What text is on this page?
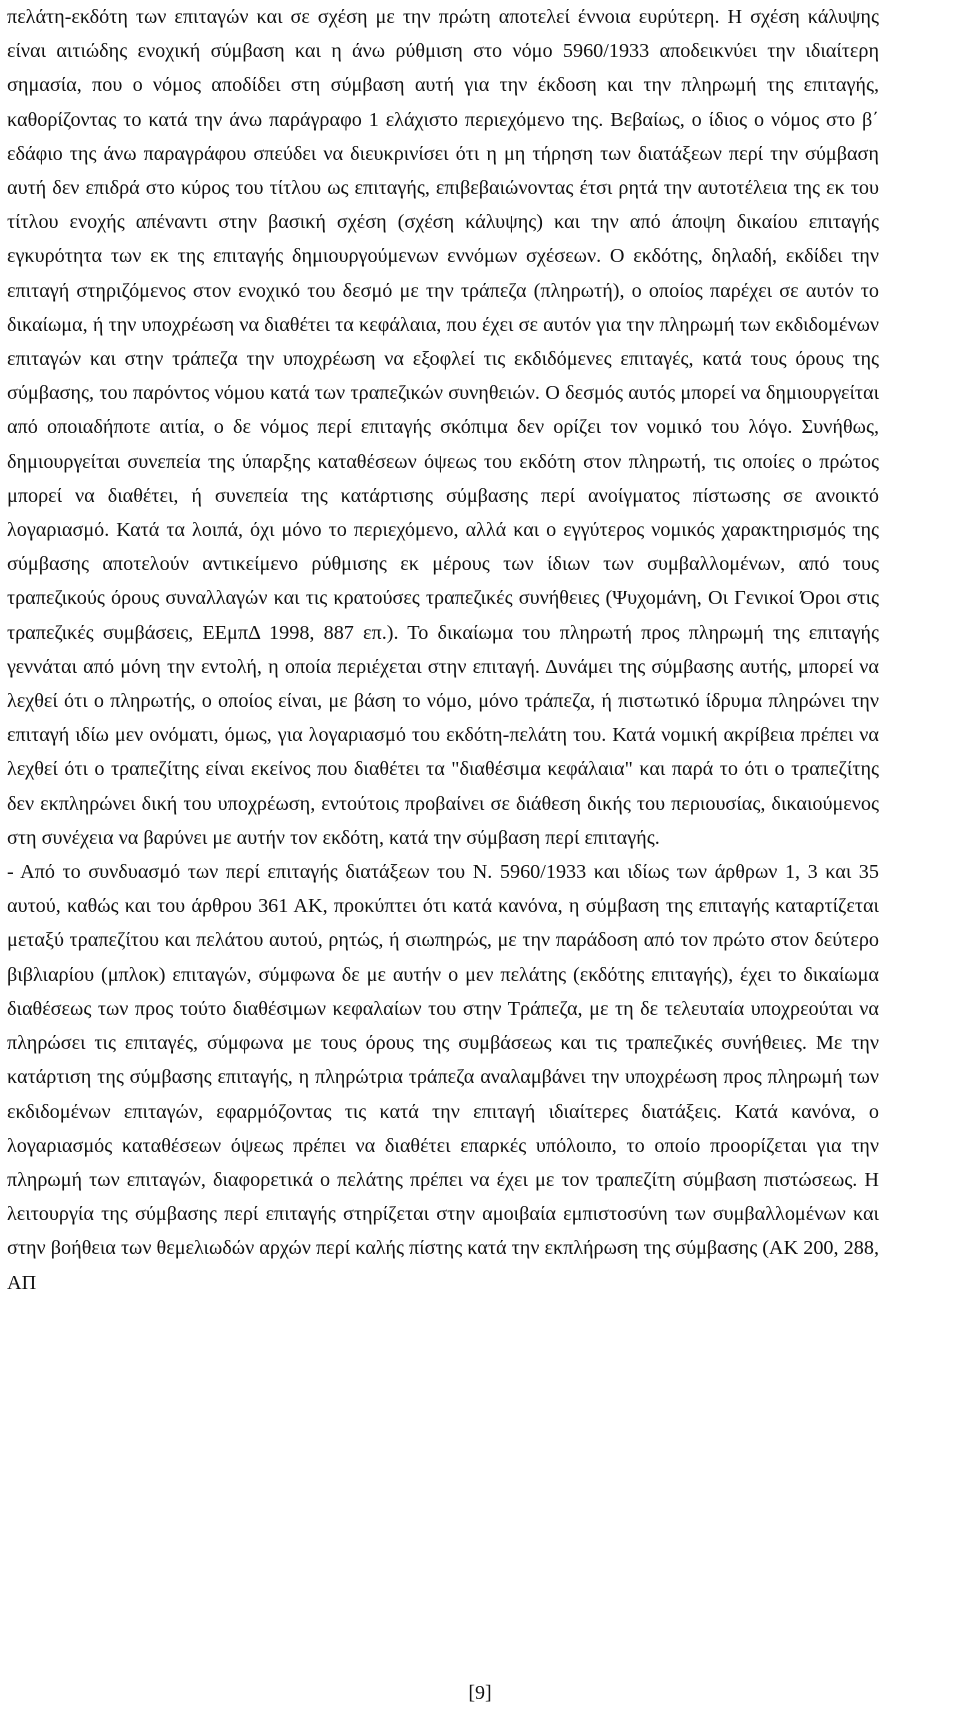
πελάτη-εκδότη των επιταγών και σε σχέση με την πρώτη αποτελεί έννοια ευρύτερη. Η σχέση κάλυψης είναι αιτιώδης ενοχική σύμβαση και η άνω ρύθμιση στο νόμο 5960/1933 αποδεικνύει την ιδιαίτερη σημασία, που ο νόμος αποδίδει στη σύμβαση αυτή για την έκδοση και την πληρωμή της επιταγής, καθορίζοντας το κατά την άνω παράγραφο 1 ελάχιστο περιεχόμενο της. Βεβαίως, ο ίδιος ο νόμος στο β΄ εδάφιο της άνω παραγράφου σπεύδει να διευκρινίσει ότι η μη τήρηση των διατάξεων περί την σύμβαση αυτή δεν επιδρά στο κύρος του τίτλου ως επιταγής, επιβεβαιώνοντας έτσι ρητά την αυτοτέλεια της εκ του τίτλου ενοχής απέναντι στην βασική σχέση (σχέση κάλυψης) και την από άποψη δικαίου επιταγής εγκυρότητα των εκ της επιταγής δημιουργούμενων εννόμων σχέσεων. Ο εκδότης, δηλαδή, εκδίδει την επιταγή στηριζόμενος στον ενοχικό του δεσμό με την τράπεζα (πληρωτή), ο οποίος παρέχει σε αυτόν το δικαίωμα, ή την υποχρέωση να διαθέτει τα κεφάλαια, που έχει σε αυτόν για την πληρωμή των εκδιδομένων επιταγών και στην τράπεζα την υποχρέωση να εξοφλεί τις εκδιδόμενες επιταγές, κατά τους όρους της σύμβασης, του παρόντος νόμου κατά των τραπεζικών συνηθειών. Ο δεσμός αυτός μπορεί να δημιουργείται από οποιαδήποτε αιτία, ο δε νόμος περί επιταγής σκόπιμα δεν ορίζει τον νομικό του λόγο. Συνήθως, δημιουργείται συνεπεία της ύπαρξης καταθέσεων όψεως του εκδότη στον πληρωτή, τις οποίες ο πρώτος μπορεί να διαθέτει, ή συνεπεία της κατάρτισης σύμβασης περί ανοίγματος πίστωσης σε ανοικτό λογαριασμό. Κατά τα λοιπά, όχι μόνο το περιεχόμενο, αλλά και ο εγγύτερος νομικός χαρακτηρισμός της σύμβασης αποτελούν αντικείμενο ρύθμισης εκ μέρους των ίδιων των συμβαλλομένων, από τους τραπεζικούς όρους συναλλαγών και τις κρατούσες τραπεζικές συνήθειες (Ψυχομάνη, Οι Γενικοί Όροι στις τραπεζικές συμβάσεις, ΕΕμπΔ 1998, 887 επ.). Το δικαίωμα του πληρωτή προς πληρωμή της επιταγής γεννάται από μόνη την εντολή, η οποία περιέχεται στην επιταγή. Δυνάμει της σύμβασης αυτής, μπορεί να λεχθεί ότι ο πληρωτής, ο οποίος είναι, με βάση το νόμο, μόνο τράπεζα, ή πιστωτικό ίδρυμα πληρώνει την επιταγή ιδίω μεν ονόματι, όμως, για λογαριασμό του εκδότη-πελάτη του. Κατά νομική ακρίβεια πρέπει να λεχθεί ότι ο τραπεζίτης είναι εκείνος που διαθέτει τα "διαθέσιμα κεφάλαια" και παρά το ότι ο τραπεζίτης δεν εκπληρώνει δική του υποχρέωση, εντούτοις προβαίνει σε διάθεση δικής του περιουσίας, δικαιούμενος στη συνέχεια να βαρύνει με αυτήν τον εκδότη, κατά την σύμβαση περί επιταγής.

- Από το συνδυασμό των περί επιταγής διατάξεων του Ν. 5960/1933 και ιδίως των άρθρων 1, 3 και 35 αυτού, καθώς και του άρθρου 361 ΑΚ, προκύπτει ότι κατά κανόνα, η σύμβαση της επιταγής καταρτίζεται μεταξύ τραπεζίτου και πελάτου αυτού, ρητώς, ή σιωπηρώς, με την παράδοση από τον πρώτο στον δεύτερο βιβλιαρίου (μπλοκ) επιταγών, σύμφωνα δε με αυτήν ο μεν πελάτης (εκδότης επιταγής), έχει το δικαίωμα διαθέσεως των προς τούτο διαθέσιμων κεφαλαίων του στην Τράπεζα, με τη δε τελευταία υποχρεούται να πληρώσει τις επιταγές, σύμφωνα με τους όρους της συμβάσεως και τις τραπεζικές συνήθειες. Με την κατάρτιση της σύμβασης επιταγής, η πληρώτρια τράπεζα αναλαμβάνει την υποχρέωση προς πληρωμή των εκδιδομένων επιταγών, εφαρμόζοντας τις κατά την επιταγή ιδιαίτερες διατάξεις. Κατά κανόνα, ο λογαριασμός καταθέσεων όψεως πρέπει να διαθέτει επαρκές υπόλοιπο, το οποίο προορίζεται για την πληρωμή των επιταγών, διαφορετικά ο πελάτης πρέπει να έχει με τον τραπεζίτη σύμβαση πιστώσεως. Η λειτουργία της σύμβασης περί επιταγής στηρίζεται στην αμοιβαία εμπιστοσύνη των συμβαλλομένων και στην βοήθεια των θεμελιωδών αρχών περί καλής πίστης κατά την εκπλήρωση της σύμβασης (ΑΚ 200, 288, ΑΠ

[9]
